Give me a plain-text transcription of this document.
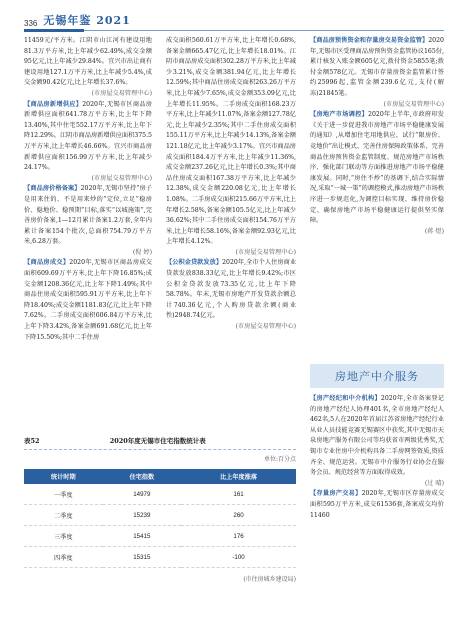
336 无锡年鉴 2021

11459元/平方米。江阴市山江河有建设用地81.3万平方米,比上年减少62.49%,成交金额95亿元,比上年减少29.84%。宜兴市出让商有建设用地127.1万平方米,比上年减少5.4%,成交金额90.42亿元,比上年增长37.6%。

(市房屋交易管理中心)

【商品房新增供应】2020年,无锡市区商品房新增供应面积641.78万平方米,比上年下降13.40%,其中住宅552.17万平方米,比上年下降12.29%。江阴市商品房新增供应面积375.5万平方米,比上年增长46.66%。宜兴市商品房新增供应面积156.99万平方米,比上年减少24.17%。

(市房屋交易管理中心)

【商品房价格备案】2020年,无锡市坚持“房子是用来住的、不是用来炒的”定位,立足“稳房价、稳地价、稳预期”目标,落实“以城施策”,完善房价备案,1—12月累计备案1.2万套,全年内累计备案154个批次,总面积754.79万平方米,6.28万套。

(倪 婷)

【商品房成交】2020年,无锡市区商品房成交面积609.69万平方米,比上年下降16.85%;成交金额1208.36亿元,比上年下降1.49%;其中商品住房成交面积595.91万平方米,比上年下降18.40%;成交金额1181.83亿元,比上年下降7.62%。二手房成交面积606.84万平方米,比上年下降3.42%,备案金额691.68亿元,比上年下降15.50%;其中二手住房

成交面积560.61万平方米,比上年增长0.68%,备案金额665.47亿元,比上年增长18.01%。江阴市商品房成交面积302.28万平方米,比上年减少3.21%,成交金额381.94亿元,比上年增长12.59%;其中商品住房成交面积263.26万平方米,比上年减少7.65%,成交金额353.09亿元,比上年增长11.95%。二手房成交面积168.23万平方米,比上年减少11.07%,备案金额127.78亿元,比上年减少2.35%;其中二手住房成交面积155.11万平方米,比上年减少14.13%,备案金额121.18亿元,比上年减少3.17%。宜兴市商品房成交面积184.4万平方米,比上年减少11.36%,成交金额237.26亿元,比上年增长0.3%;其中商品住房成交面积167.38万平方米,比上年减少12.38%,成交金额220.08亿元,比上年增长1.08%。二手房成交面积215.66万平方米,比上年增长2.58%,备案金额105.5亿元,比上年减少36.62%;其中二手住房成交面积154.76万平方米,比上年增长58.16%,备案金额92.93亿元,比上年增长4.12%。

(市房屋交易管理中心)

【公积金贷款发放】2020年,全市个人住房商业贷款发放838.33亿元,比上年增长9.42%;市区公积金贷款发放73.35亿元,比上年下降58.78%。年末,无锡市房地产开发贷款余额总计740.36亿元,个人购房贷款余额(商业性)2948.74亿元。

(市房屋交易管理中心)

【商品房预售资金和存量房交易资金监管】2020年,无锡市区受理商品房预售资金监管协议165份,累计核发入账金额605亿元,拨付资金5855笔;拨付金额578亿元。无锡市存量房资金监管累计签约25996起,监管金额239.6亿元,支付(解冻)21845笔。

(市房屋交易管理中心)

【房地产市场调控】2020年上半年,市政府印发《关于进一步促进我市房地产市场平稳健康发展的通知》,从增加住宅用地供应、试行“限房价、竞地价”出让模式、完善住房保障政策体系、完善商品住房预售资金监管制度、规范房地产市场秩序、强化部门联动等方面推进房地产市场平稳健康发展。同时,“房住不炒”的基调下,结合实际情况,采取“一城一策”的调控模式,推动房地产市场秩序进一步规范化,为调控目标实现、维持房价稳定、确保房地产市场平稳健康运行提供坚实保障。

(蒋 煜)

房地产中介服务

【房产经纪和中介机构】2020年,全市备案登记的房地产经纪人协理401名,全市房地产经纪人462名,5人在2020年首届江苏省房地产经纪行业从业人员技能竞赛无锡赛区中获奖,其中无锡市天泉房地产服务有限公司等均获省市两级优秀奖,无锡市专业住房中介机构具备二手房网签资质,资质齐全、规范运营。无锡市中介服务行业协会在服务会员、规范经营等方面取得成效。

(过 晴)

【存量房产交易】2020年,无锡市区存量房成交面积595万平方米,成交61536套,备案成交均价11460

表52	2020年度无锡市住宅指数统计表
单位:百分点
统计时期	住宅指数	比上年度涨落
一季度	14979	161
二季度	15239	260
三季度	15415	176
四季度	15315	-100
(市住房城乡建设局)
